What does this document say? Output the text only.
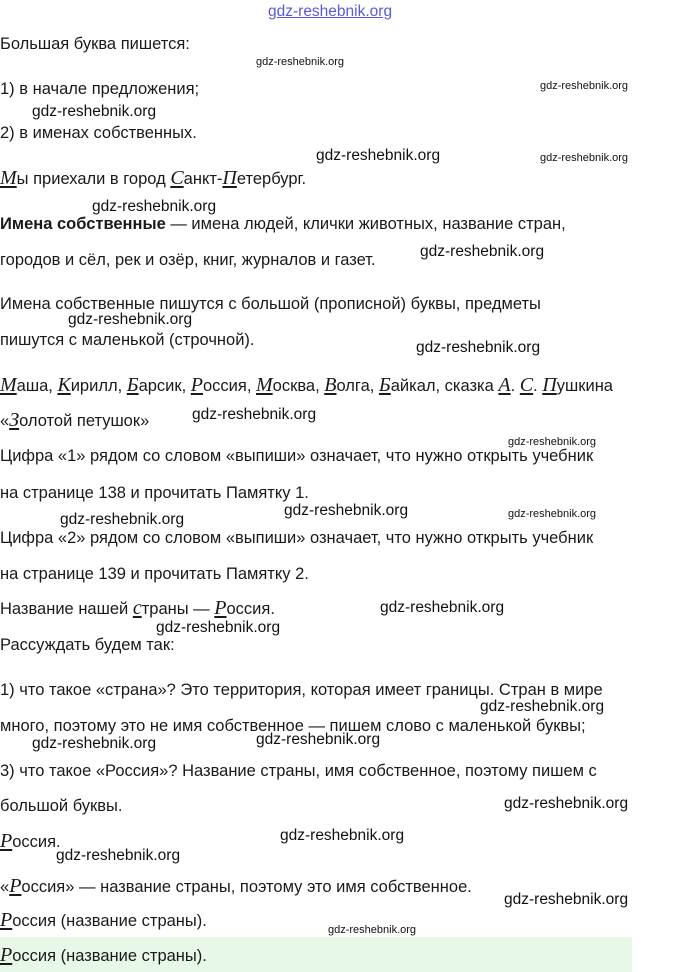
Большая буква пишется:

1) в начале предложения;

2) в именах собственных.

Мы приехали в город Санкт-Петербург.

Имена собственные — имена людей, клички животных, название стран,

городов и сёл, рек и озёр, книг, журналов и газет.

Имена собственные пишутся с большой (прописной) буквы, предметы

пишутся с маленькой (строчной).

Маша, Кирилл, Барсик, Россия, Москва, Волга, Байкал, сказка А. С. Пушкина

«Золотой петушок»

Цифра «1» рядом со словом «выпиши» означает, что нужно открыть учебник

на странице 138 и прочитать Памятку 1.

Цифра «2» рядом со словом «выпиши» означает, что нужно открыть учебник

на странице 139 и прочитать Памятку 2.

Название нашей страны — Россия.

Рассуждать будем так:

1) что такое «страна»? Это территория, которая имеет границы. Стран в мире

много, поэтому это не имя собственное — пишем слово с маленькой буквы;

3) что такое «Россия»? Название страны, имя собственное, поэтому пишем с

большой буквы.

Россия.

«Россия» — название страны, поэтому это имя собственное.

Россия (название страны).

Россия (название страны).

gdz-reshebnik.org
gdz-reshebnik.org
gdz-reshebnik.org
gdz-reshebnik.org
gdz-reshebnik.org	gdz-reshebnik.org
gdz-reshebnik.org
gdz-reshebnik.org
gdz-reshebnik.org
gdz-reshebnik.org
gdz-reshebnik.org
gdz-reshebnik.org
gdz-reshebnik.org	gdz-reshebnik.org
gdz-reshebnik.org
gdz-reshebnik.org
gdz-reshebnik.org
gdz-reshebnik.org
gdz-reshebnik.org
gdz-reshebnik.org
gdz-reshebnik.org
gdz-reshebnik.org
gdz-reshebnik.org
gdz-reshebnik.org
gdz-reshebnik.org
